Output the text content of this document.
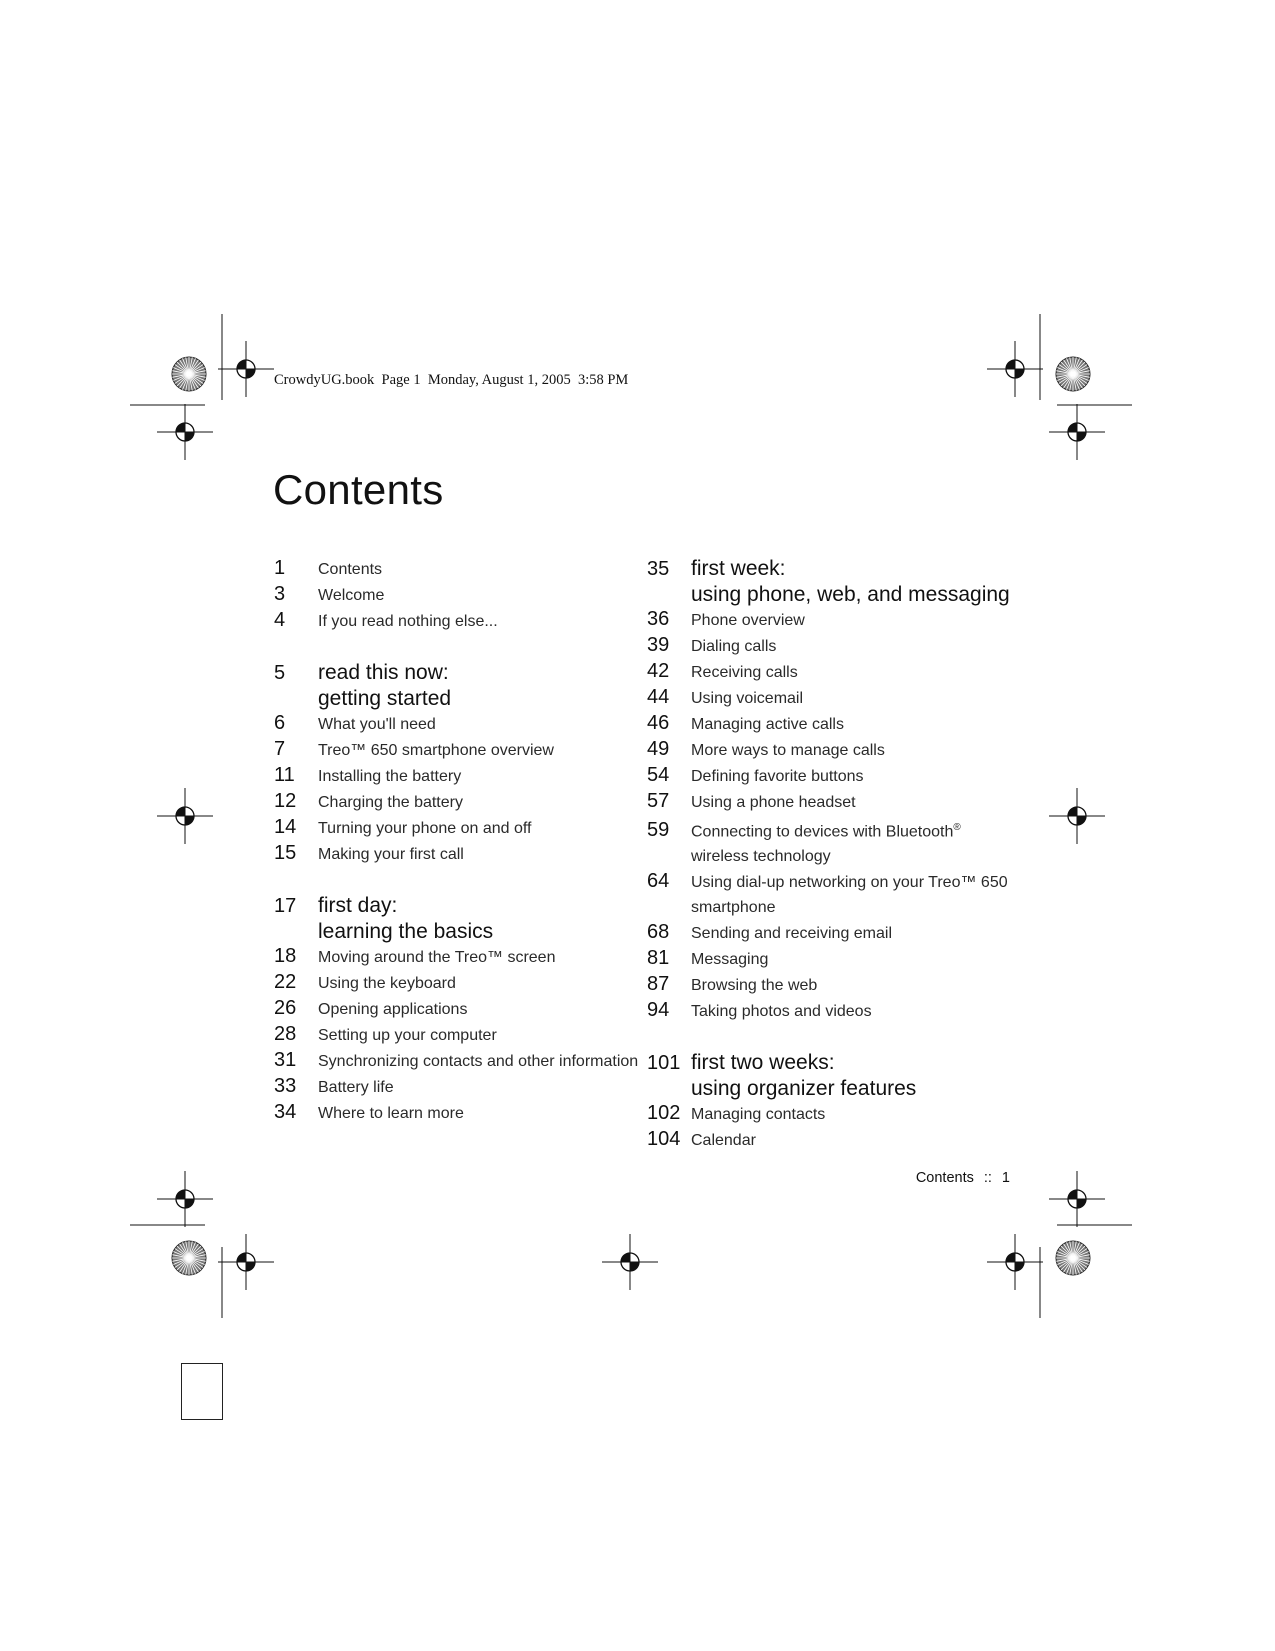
CrowdyUG.book  Page 1  Monday, August 1, 2005  3:58 PM
Contents
1	Contents
3	Welcome
4	If you read nothing else...
5	read this now:
getting started
6	What you'll need
7	Treo™ 650 smartphone overview
11	Installing the battery
12	Charging the battery
14	Turning your phone on and off
15	Making your first call
17	first day:
learning the basics
18	Moving around the Treo™ screen
22	Using the keyboard
26	Opening applications
28	Setting up your computer
31	Synchronizing contacts and other information
33	Battery life
34	Where to learn more
35	first week:
using phone, web, and messaging
36	Phone overview
39	Dialing calls
42	Receiving calls
44	Using voicemail
46	Managing active calls
49	More ways to manage calls
54	Defining favorite buttons
57	Using a phone headset
59	Connecting to devices with Bluetooth®
wireless technology
64	Using dial-up networking on your Treo™ 650
smartphone
68	Sending and receiving email
81	Messaging
87	Browsing the web
94	Taking photos and videos
101 first two weeks:
using organizer features
102 Managing contacts
104 Calendar
Contents :: 1
